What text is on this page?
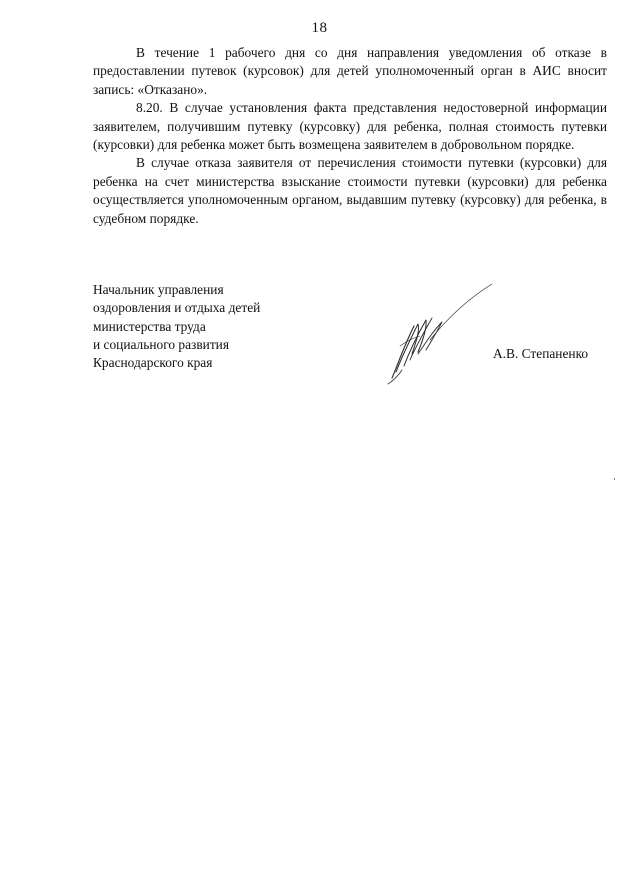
18

В течение 1 рабочего дня со дня направления уведомления об отказе в предоставлении путевок (курсовок) для детей уполномоченный орган в АИС вносит запись: «Отказано».

8.20. В случае установления факта представления недостоверной информации заявителем, получившим путевку (курсовку) для ребенка, полная стоимость путевки (курсовки) для ребенка может быть возмещена заявителем в добровольном порядке.

В случае отказа заявителя от перечисления стоимости путевки (курсовки) для ребенка на счет министерства взыскание стоимости путевки (курсовки) для ребенка осуществляется уполномоченным органом, выдавшим путевку (курсовку) для ребенка, в судебном порядке.

Начальник управления
оздоровления и отдыха детей
министерства труда
и социального развития
Краснодарского края
А.В. Степаненко
